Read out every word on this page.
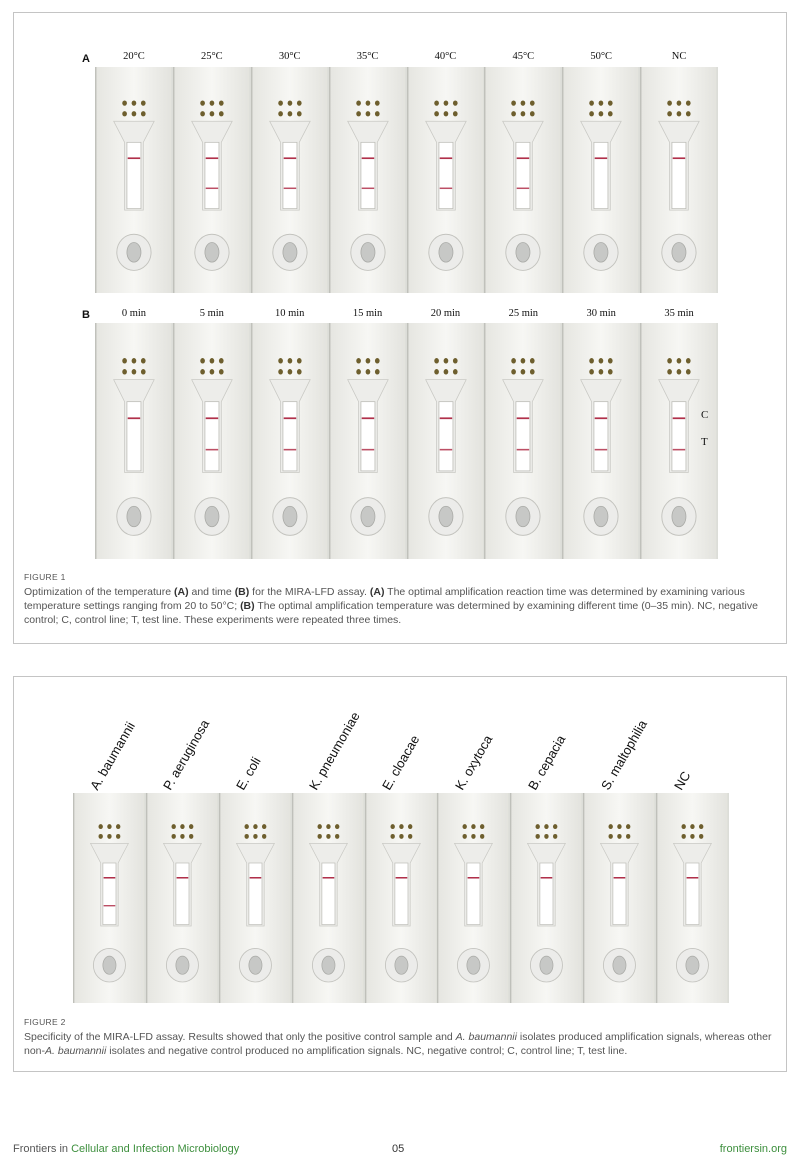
A	20°C	25°C	30°C	35°C	40°C	45°C	50°C	NC
B	0 min	5 min	10 min	15 min	20 min	25 min	30 min	35 min
C
T
FIGURE 1
Optimization of the temperature (A) and time (B) for the MIRA-LFD assay. (A) The optimal amplification reaction time was determined by examining various temperature settings ranging from 20 to 50°C; (B) The optimal amplification temperature was determined by examining different time (0–35 min). NC, negative control; C, control line; T, test line. These experiments were repeated three times.
A. baumannii P. aeruginosa E. coli	K. pneumoniae E. cloacae K. oxytoca B. cepacia S. maltophilia NC
FIGURE 2
Specificity of the MIRA-LFD assay. Results showed that only the positive control sample and A. baumannii isolates produced amplification signals, whereas other non-A. baumannii isolates and negative control produced no amplification signals. NC, negative control; C, control line; T, test line.
Frontiers in Cellular and Infection Microbiology	05	frontiersin.org
